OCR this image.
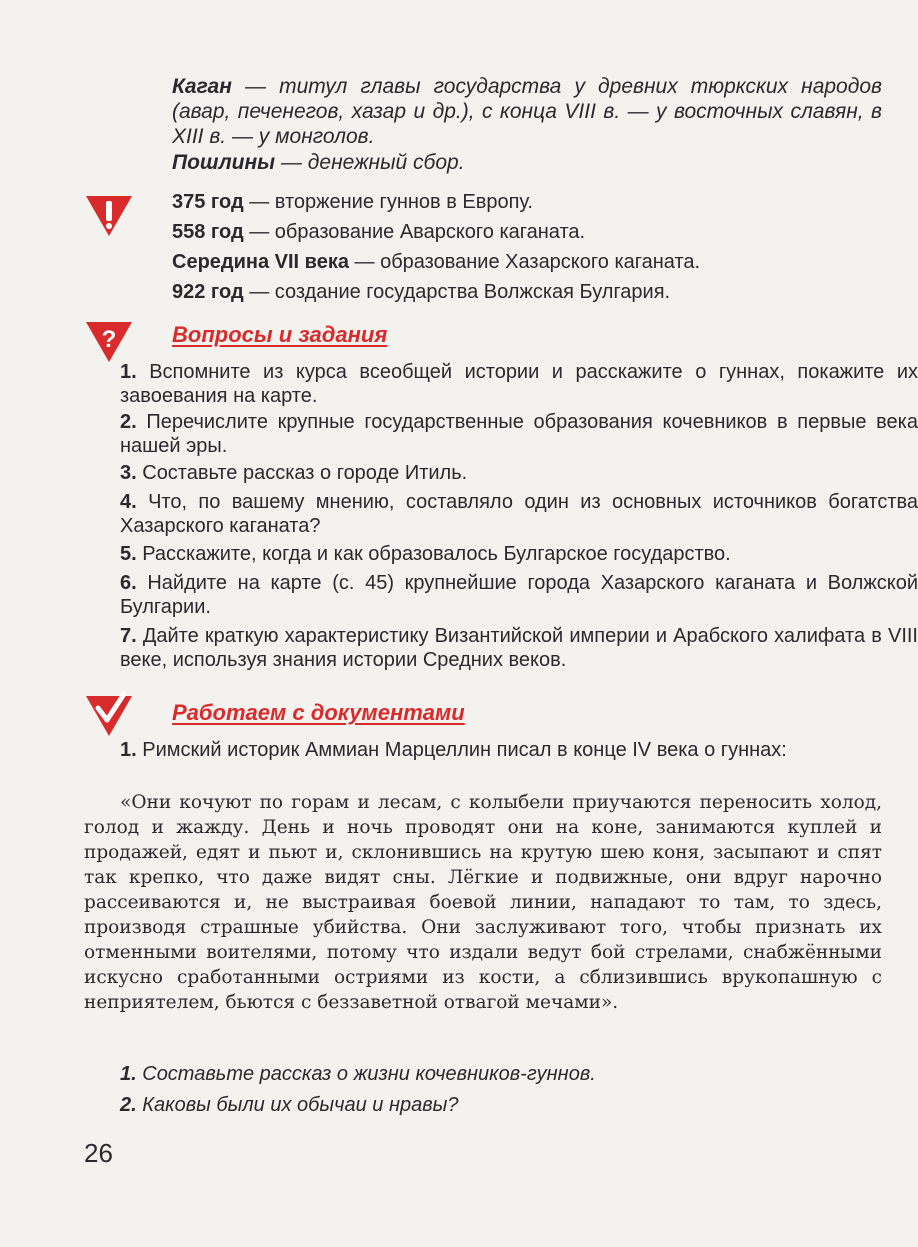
Каган — титул главы государства у древних тюркских народов (авар, печенегов, хазар и др.), с конца VIII в. — у восточных славян, в XIII в. — у монголов.

Пошлины — денежный сбор.

375 год — вторжение гуннов в Европу.
558 год — образование Аварского каганата.
Середина VII века — образование Хазарского каганата.
922 год — создание государства Волжская Булгария.
?	Вопросы и задания

1. Вспомните из курса всеобщей истории и расскажите о гуннах, покажите их завоевания на карте.

2. Перечислите крупные государственные образования кочевников в первые века нашей эры.

3. Составьте рассказ о городе Итиль.

4. Что, по вашему мнению, составляло один из основных источников богатства Хазарского каганата?

5. Расскажите, когда и как образовалось Булгарское государство.

6. Найдите на карте (с. 45) крупнейшие города Хазарского каганата и Волжской Булгарии.

7. Дайте краткую характеристику Византийской империи и Арабского халифата в VIII веке, используя знания истории Средних веков.

Работаем с документами

1. Римский историк Аммиан Марцеллин писал в конце IV века о гуннах:

«Они кочуют по горам и лесам, с колыбели приучаются переносить холод, голод и жажду. День и ночь проводят они на коне, занимаются куплей и продажей, едят и пьют и, склонившись на крутую шею коня, засыпают и спят так крепко, что даже видят сны. Лёгкие и подвижные, они вдруг нарочно рассеиваются и, не выстраивая боевой линии, нападают то там, то здесь, производя страшные убийства. Они заслуживают того, чтобы признать их отменными воителями, потому что издали ведут бой стрелами, снабжёнными искусно сработанными остриями из кости, а сблизившись врукопашную с неприятелем, бьются с беззаветной отвагой мечами».

1. Составьте рассказ о жизни кочевников-гуннов.
2. Каковы были их обычаи и нравы?
26
